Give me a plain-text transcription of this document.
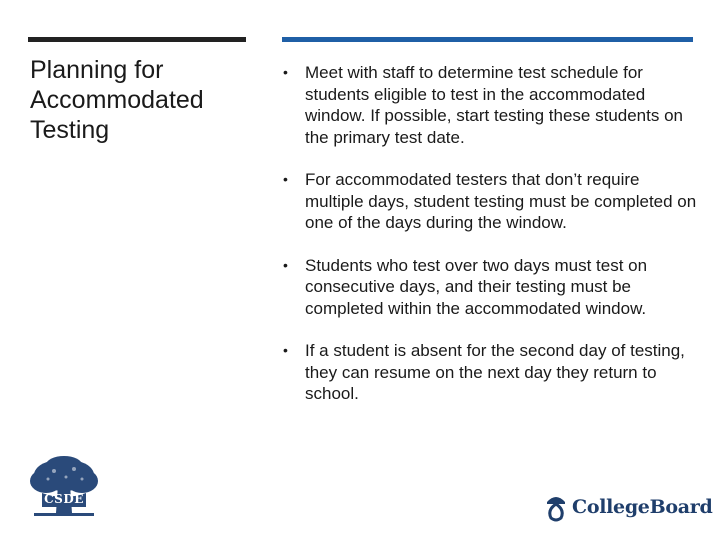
Planning for
Accommodated
Testing
• Meet with staff to determine test schedule for students eligible to test in the accommodated window. If possible, start testing these students on the primary test date.
• For accommodated testers that don’t require multiple days, student testing must be completed on one of the days during the window.
• Students who test over two days must test on consecutive days, and their testing must be completed within the accommodated window.
• If a student is absent for the second day of testing, they can resume on the next day they return to school.
CSDE	CollegeBoard
